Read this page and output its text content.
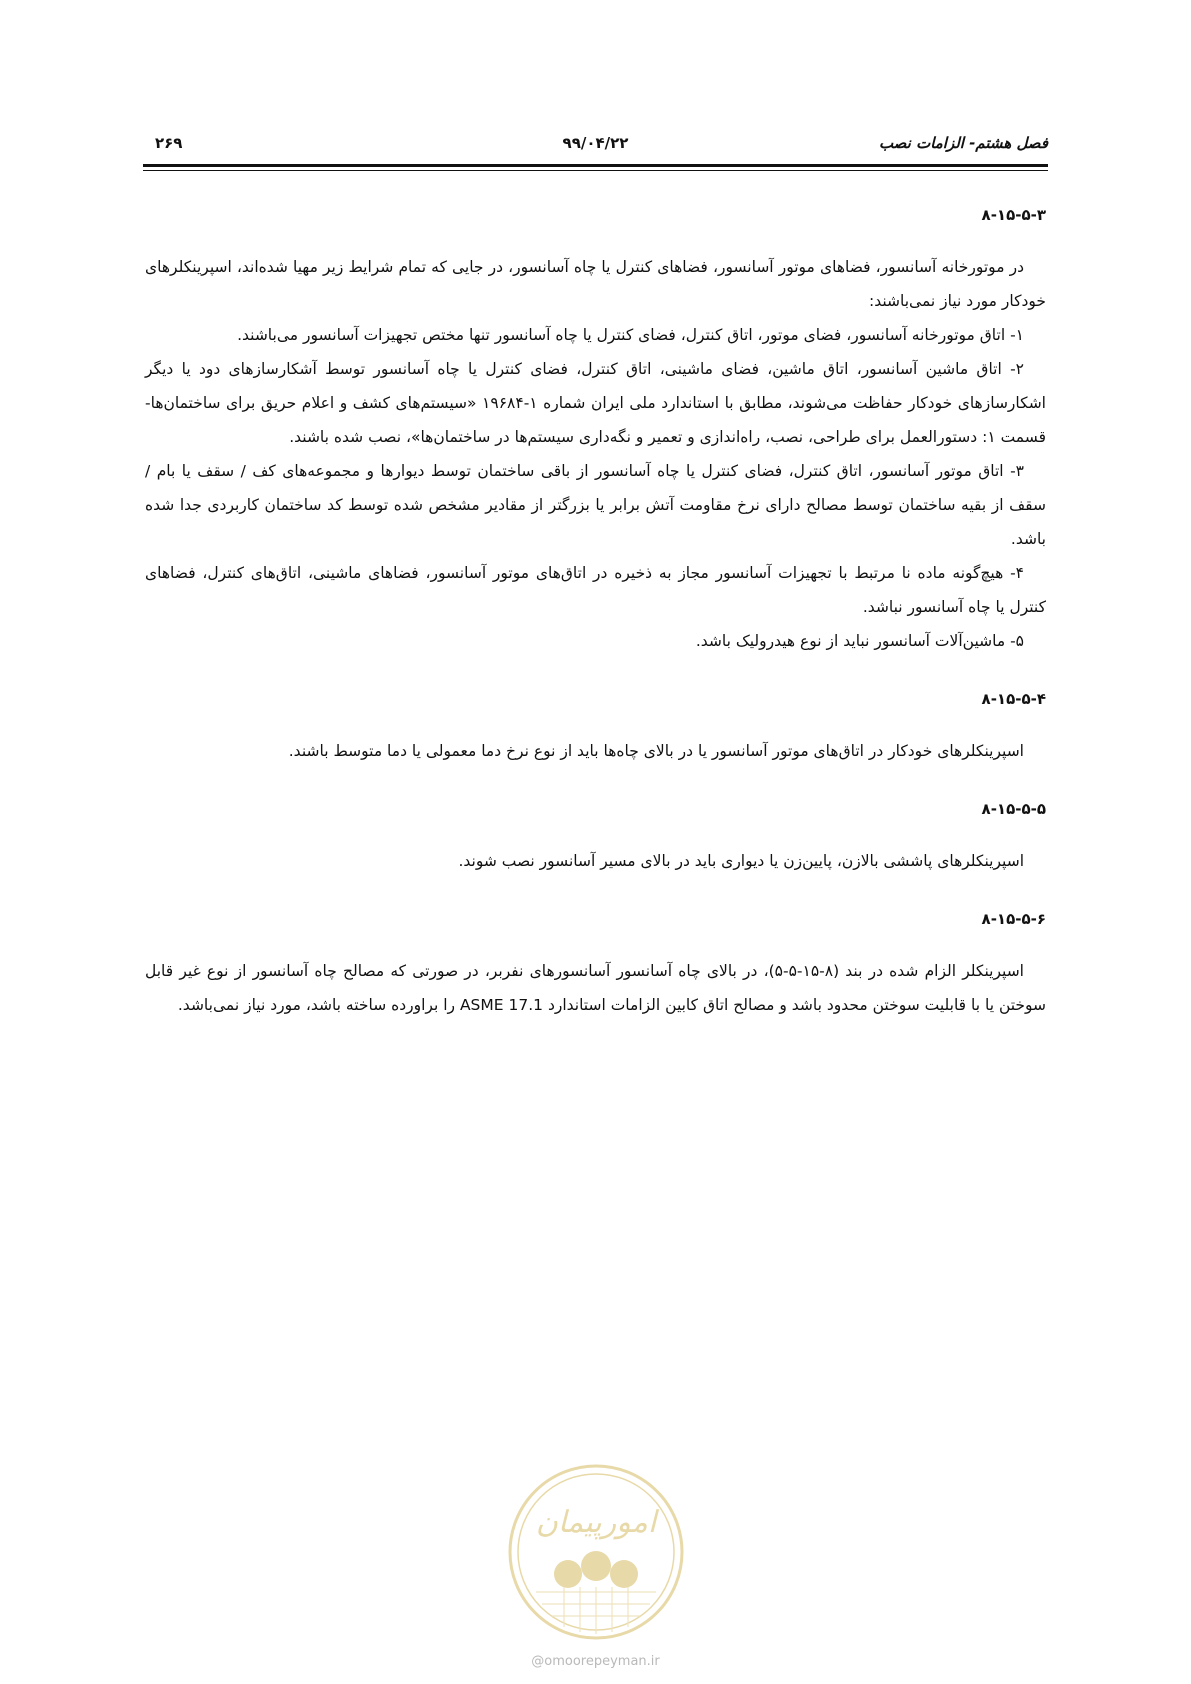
فصل هشتم- الزامات نصب
۹۹/۰۴/۲۲
۲۶۹

۸-۱۵-۵-۳

در موتورخانه آسانسور، فضاهای موتور آسانسور، فضاهای کنترل یا چاه آسانسور، در جایی که تمام شرایط زیر مهیا شده‌اند، اسپرینکلرهای خودکار مورد نیاز نمی‌باشند:

۱- اتاق موتورخانه آسانسور، فضای موتور، اتاق کنترل، فضای کنترل یا چاه آسانسور تنها مختص تجهیزات آسانسور می‌باشند.

۲- اتاق ماشین آسانسور، اتاق ماشین، فضای ماشینی، اتاق کنترل، فضای کنترل یا چاه آسانسور توسط آشکارسازهای دود یا دیگر اشکارسازهای خودکار حفاظت می‌شوند، مطابق با استاندارد ملی ایران شماره ۱-۱۹۶۸۴ «سیستم‌های کشف و اعلام حریق برای ساختمان‌ها- قسمت ۱: دستورالعمل برای طراحی، نصب، راه‌اندازی و تعمیر و نگه‌داری سیستم‌ها در ساختمان‌ها»، نصب شده باشند.

۳- اتاق موتور آسانسور، اتاق کنترل، فضای کنترل یا چاه آسانسور از باقی ساختمان توسط دیوارها و مجموعه‌های کف / سقف یا بام / سقف از بقیه ساختمان توسط مصالح دارای نرخ مقاومت آتش برابر یا بزرگتر از مقادیر مشخص شده توسط کد ساختمان کاربردی جدا شده باشد.

۴- هیچ‌گونه ماده نا مرتبط با تجهیزات آسانسور مجاز به ذخیره در اتاق‌های موتور آسانسور، فضاهای ماشینی، اتاق‌های کنترل، فضاهای کنترل یا چاه آسانسور نباشد.

۵- ماشین‌آلات آسانسور نباید از نوع هیدرولیک باشد.

۸-۱۵-۵-۴

اسپرینکلرهای خودکار در اتاق‌های موتور آسانسور یا در بالای چاه‌ها باید از نوع نرخ دما معمولی یا دما متوسط باشند.

۸-۱۵-۵-۵

اسپرینکلرهای پاششی بالازن، پایین‌زن یا دیواری باید در بالای مسیر آسانسور نصب شوند.

۸-۱۵-۵-۶

اسپرینکلر الزام شده در بند (۸-۱۵-۵-۵)، در بالای چاه آسانسور آسانسورهای نفربر، در صورتی که مصالح چاه آسانسور از نوع غیر قابل سوختن یا با قابلیت سوختن محدود باشد و مصالح اتاق کابین الزامات استاندارد ASME 17.1 را براورده ساخته باشد، مورد نیاز نمی‌باشد.

امورپیمان
@omoorepeyman.ir
